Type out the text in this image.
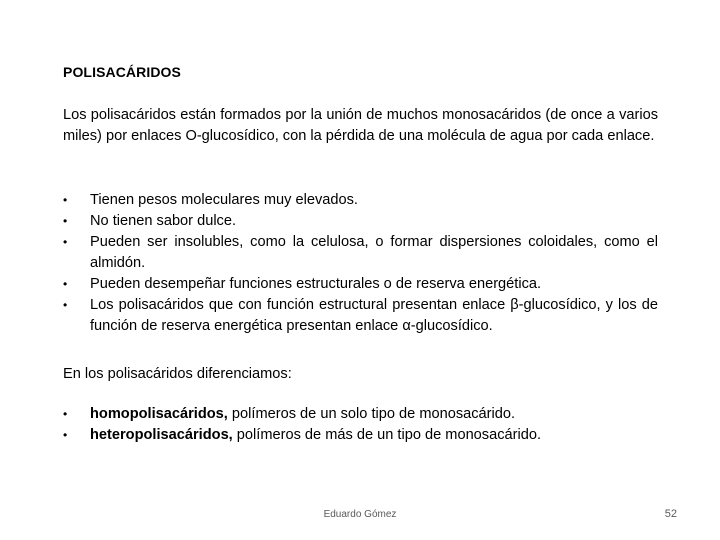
POLISACÁRIDOS
Los polisacáridos están formados por la unión de muchos monosacáridos (de once a varios miles) por enlaces O-glucosídico, con la pérdida de una molécula de agua por cada enlace.
•	Tienen pesos moleculares muy elevados.
•	No tienen sabor dulce.
•	Pueden ser insolubles, como la celulosa, o formar dispersiones coloidales, como el almidón.
•	Pueden desempeñar funciones estructurales o de reserva energética.
•	Los polisacáridos que con función estructural presentan enlace β-glucosídico, y los de función de reserva energética presentan enlace α-glucosídico.
En los polisacáridos diferenciamos:
•	homopolisacáridos, polímeros de un solo tipo de monosacárido.
•	heteropolisacáridos, polímeros de más de un tipo de monosacárido.
Eduardo Gómez	52
